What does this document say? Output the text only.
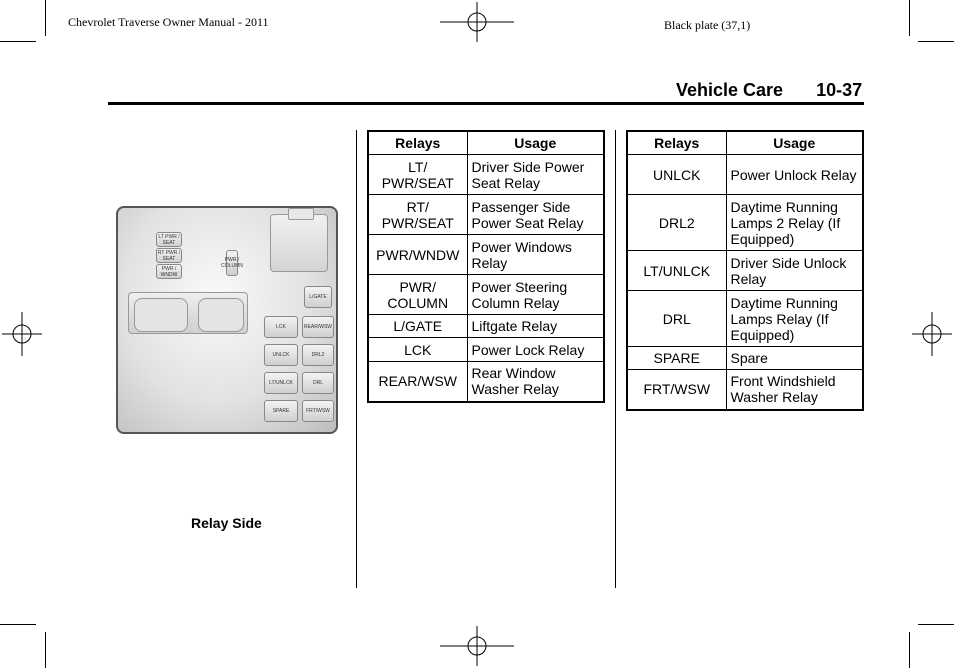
Chevrolet Traverse Owner Manual - 2011	Black plate (37,1)
Vehicle Care 10-37
LT PWR / SEAT
RT PWR / SEAT
PWR / WNDW
PWR / COLUMN
L/GATE
LCK	REAR/WSW
UNLCK	DRL2
LT/UNLCK	DRL
SPARE	FRT/WSW
Relay Side
Relays	Usage
LT/ PWR/SEAT	Driver Side Power Seat Relay
RT/ PWR/SEAT	Passenger Side Power Seat Relay
PWR/WNDW	Power Windows Relay
PWR/ COLUMN	Power Steering Column Relay
L/GATE	Liftgate Relay
LCK	Power Lock Relay
REAR/WSW	Rear Window Washer Relay
Relays	Usage
UNLCK	Power Unlock Relay
DRL2	Daytime Running Lamps 2 Relay (If Equipped)
LT/UNLCK	Driver Side Unlock Relay
DRL	Daytime Running Lamps Relay (If Equipped)
SPARE	Spare
FRT/WSW	Front Windshield Washer Relay
